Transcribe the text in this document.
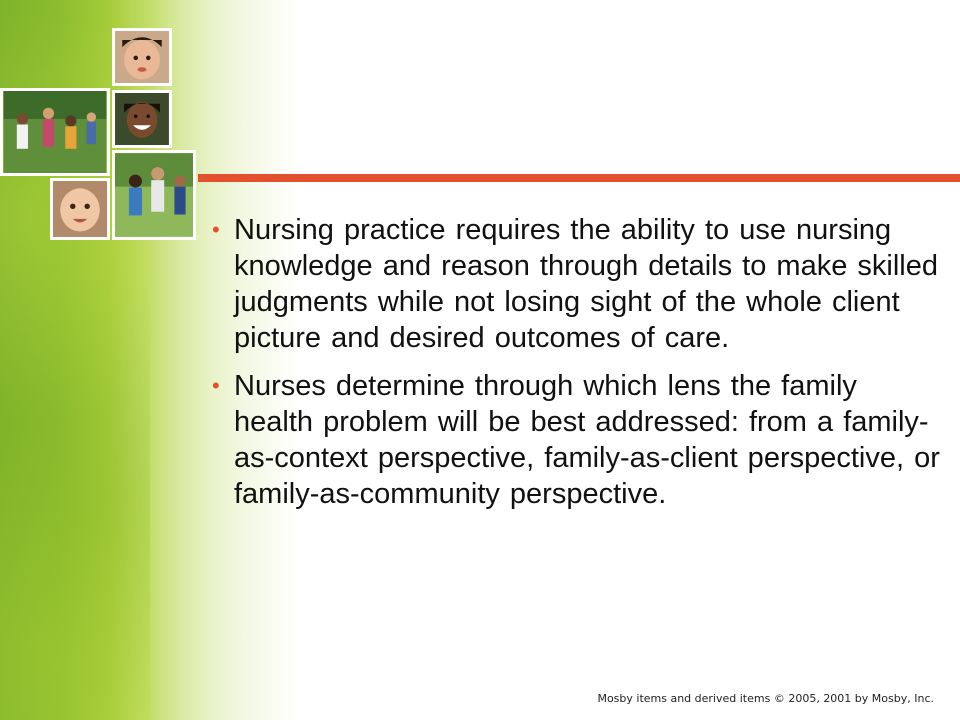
• Nursing practice requires the ability to use nursing knowledge and reason through details to make skilled judgments while not losing sight of the whole client picture and desired outcomes of care.
• Nurses determine through which lens the family health problem will be best addressed: from a family-as-context perspective, family-as-client perspective, or family-as-community perspective.
Mosby items and derived items © 2005, 2001 by Mosby, Inc.
